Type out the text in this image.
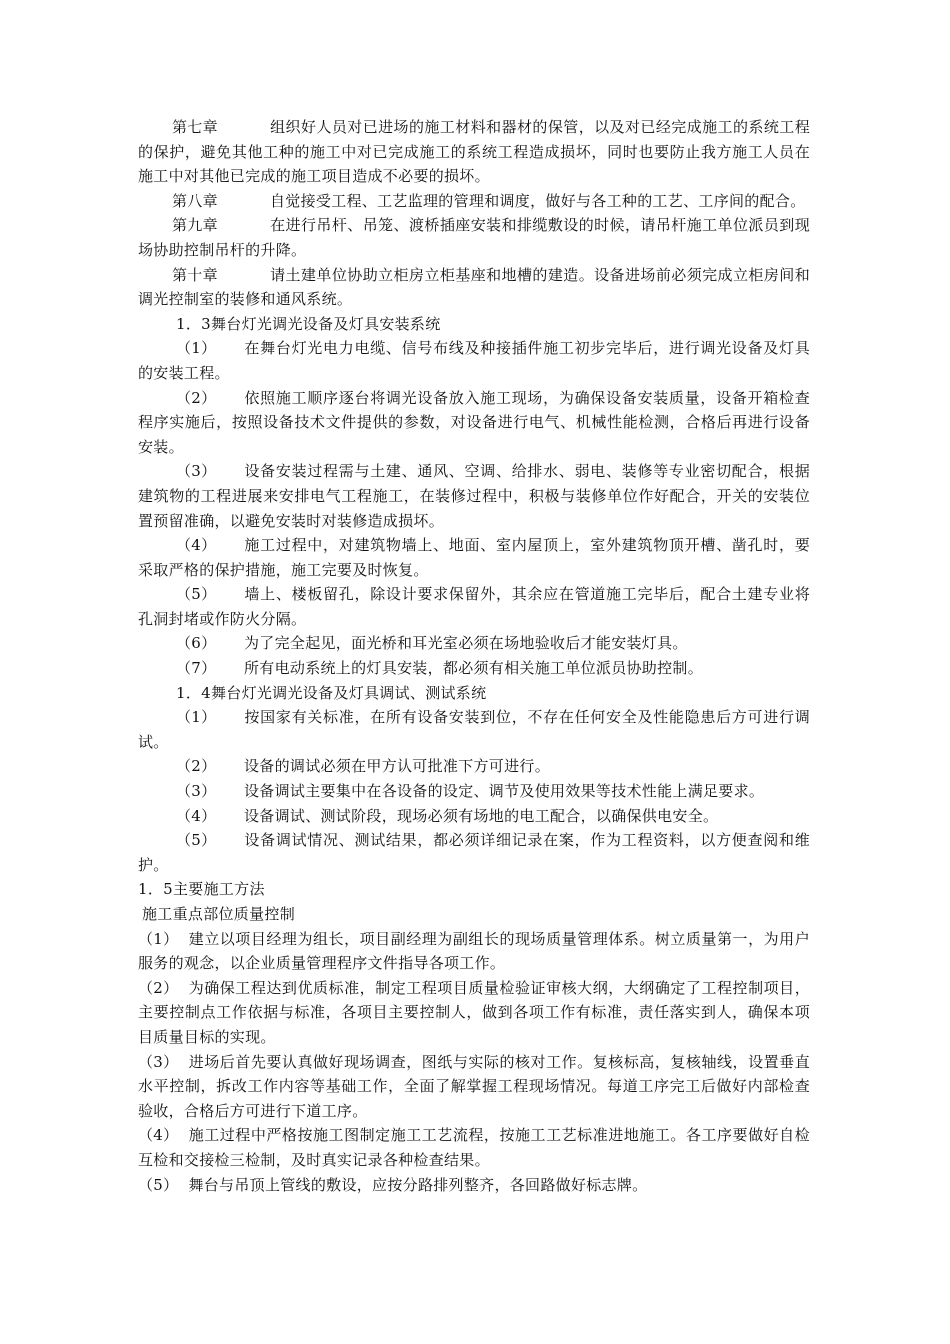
第七章	组织好人员对已进场的施工材料和器材的保管，以及对已经完成施工的系统工程的保护，避免其他工种的施工中对已完成施工的系统工程造成损坏，同时也要防止我方施工人员在施工中对其他已完成的施工项目造成不必要的损坏。

第八章	自觉接受工程、工艺监理的管理和调度，做好与各工种的工艺、工序间的配合。

第九章	在进行吊杆、吊笼、渡桥插座安装和排缆敷设的时候，请吊杆施工单位派员到现场协助控制吊杆的升降。

第十章	请土建单位协助立柜房立柜基座和地槽的建造。设备进场前必须完成立柜房间和调光控制室的装修和通风系统。

1．3舞台灯光调光设备及灯具安装系统

（1） 在舞台灯光电力电缆、信号布线及种接插件施工初步完毕后，进行调光设备及灯具的安装工程。

（2） 依照施工顺序逐台将调光设备放入施工现场，为确保设备安装质量，设备开箱检查程序实施后，按照设备技术文件提供的参数，对设备进行电气、机械性能检测，合格后再进行设备安装。

（3） 设备安装过程需与土建、通风、空调、给排水、弱电、装修等专业密切配合，根据建筑物的工程进展来安排电气工程施工，在装修过程中，积极与装修单位作好配合，开关的安装位置预留准确，以避免安装时对装修造成损坏。

（4） 施工过程中，对建筑物墙上、地面、室内屋顶上，室外建筑物顶开槽、凿孔时，要采取严格的保护措施，施工完要及时恢复。

（5） 墙上、楼板留孔，除设计要求保留外，其余应在管道施工完毕后，配合土建专业将孔洞封堵或作防火分隔。

（6） 为了完全起见，面光桥和耳光室必须在场地验收后才能安装灯具。

（7） 所有电动系统上的灯具安装，都必须有相关施工单位派员协助控制。

1．4舞台灯光调光设备及灯具调试、测试系统

（1） 按国家有关标准，在所有设备安装到位，不存在任何安全及性能隐患后方可进行调试。

（2） 设备的调试必须在甲方认可批准下方可进行。

（3） 设备调试主要集中在各设备的设定、调节及使用效果等技术性能上满足要求。

（4） 设备调试、测试阶段，现场必须有场地的电工配合，以确保供电安全。

（5） 设备调试情况、测试结果，都必须详细记录在案，作为工程资料，以方便查阅和维护。

1．5主要施工方法

施工重点部位质量控制

（1） 建立以项目经理为组长，项目副经理为副组长的现场质量管理体系。树立质量第一，为用户服务的观念，以企业质量管理程序文件指导各项工作。

（2） 为确保工程达到优质标准，制定工程项目质量检验证审核大纲，大纲确定了工程控制项目，主要控制点工作依据与标准，各项目主要控制人，做到各项工作有标准，责任落实到人，确保本项目质量目标的实现。

（3） 进场后首先要认真做好现场调查，图纸与实际的核对工作。复核标高，复核轴线，设置垂直水平控制，拆改工作内容等基础工作，全面了解掌握工程现场情况。每道工序完工后做好内部检查验收，合格后方可进行下道工序。

（4） 施工过程中严格按施工图制定施工工艺流程，按施工工艺标准进地施工。各工序要做好自检互检和交接检三检制，及时真实记录各种检查结果。

（5） 舞台与吊顶上管线的敷设，应按分路排列整齐，各回路做好标志牌。
